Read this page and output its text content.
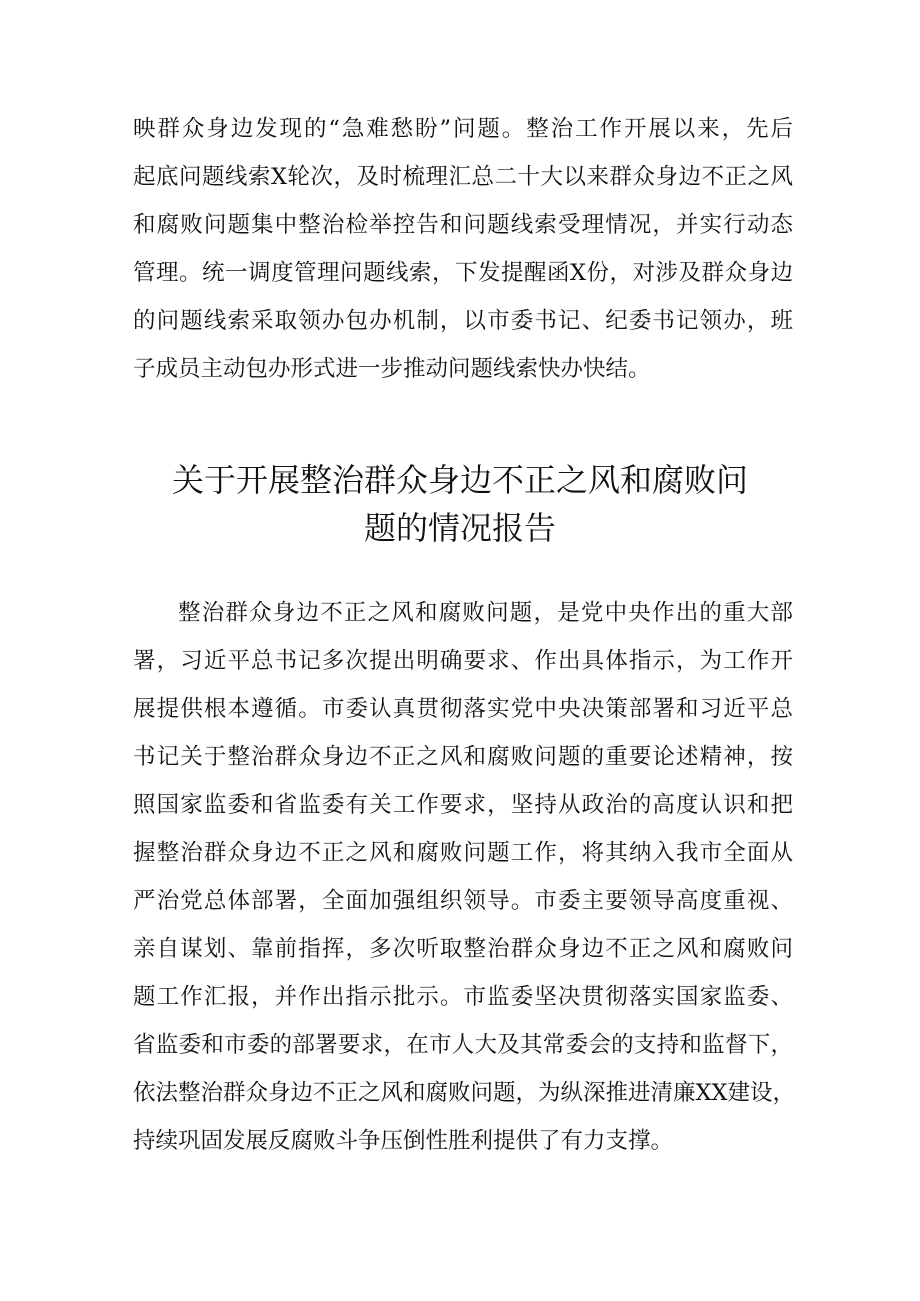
映群众身边发现的“急难愁盼”问题。整治工作开展以来，先后
起底问题线索X轮次，及时梳理汇总二十大以来群众身边不正之风
和腐败问题集中整治检举控告和问题线索受理情况，并实行动态
管理。统一调度管理问题线索，下发提醒函X份，对涉及群众身边
的问题线索采取领办包办机制，以市委书记、纪委书记领办，班
子成员主动包办形式进一步推动问题线索快办快结。
关于开展整治群众身边不正之风和腐败问
题的情况报告
整治群众身边不正之风和腐败问题，是党中央作出的重大部
署，习近平总书记多次提出明确要求、作出具体指示，为工作开
展提供根本遵循。市委认真贯彻落实党中央决策部署和习近平总
书记关于整治群众身边不正之风和腐败问题的重要论述精神，按
照国家监委和省监委有关工作要求，坚持从政治的高度认识和把
握整治群众身边不正之风和腐败问题工作，将其纳入我市全面从
严治党总体部署，全面加强组织领导。市委主要领导高度重视、
亲自谋划、靠前指挥，多次听取整治群众身边不正之风和腐败问
题工作汇报，并作出指示批示。市监委坚决贯彻落实国家监委、
省监委和市委的部署要求，在市人大及其常委会的支持和监督下，
依法整治群众身边不正之风和腐败问题，为纵深推进清廉XX建设，
持续巩固发展反腐败斗争压倒性胜利提供了有力支撑。
